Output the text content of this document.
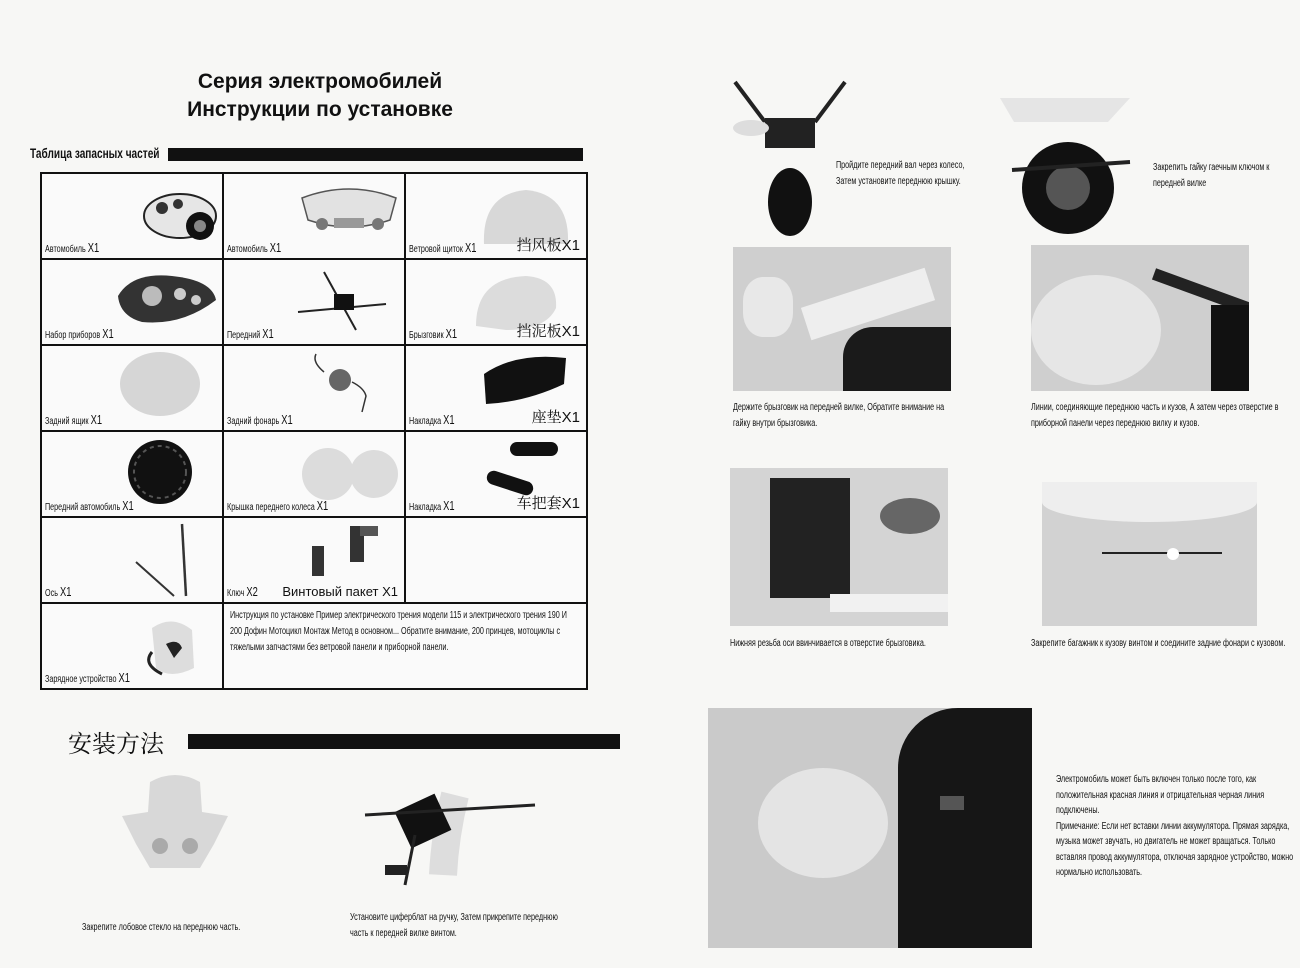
Серия электромобилей
Инструкции по установке
Таблица запасных частей
Автомобиль X1	Автомобиль X1	Ветровой щиток X1 挡风板X1

Набор приборов X1	Передний X1	Брызговик X1 挡泥板X1

Задний ящик X1	Задний фонарь X1	Накладка X1 座垫X1

Передний автомобиль X1	Крышка переднего колеса X1	Накладка X1 车把套X1

Ось X1	Ключ X2 Винтовый пакет X1	

Зарядное устройство X1	Инструкция по установке Пример электрического трения модели 115 и электрического трения 190 И 200 Дофин Мотоцикл Монтаж Метод в основном... Обратите внимание, 200 принцев, мотоциклы с тяжелыми запчастями без ветровой панели и приборной панели.	
安装方法
Закрепите лобовое стекло на переднюю часть.
Установите циферблат на ручку, Затем прикрепите переднюю часть к передней вилке винтом.
Пройдите передний вал через колесо, Затем установите переднюю крышку.
Закрепить гайку гаечным ключом к передней вилке
Держите брызговик на передней вилке, Обратите внимание на гайку внутри брызговика.
Линии, соединяющие переднюю часть и кузов, А затем через отверстие в приборной панели через переднюю вилку и кузов.
Нижняя резьба оси ввинчивается в отверстие брызговика.	Закрепите багажник к кузову винтом и соедините задние фонари с кузовом.
Электромобиль может быть включен только после того, как положительная красная линия и отрицательная черная линия подключены.
Примечание: Если нет вставки линии аккумулятора. Прямая зарядка, музыка может звучать, но двигатель не может вращаться. Только вставляя провод аккумулятора, отключая зарядное устройство, можно нормально использовать.
